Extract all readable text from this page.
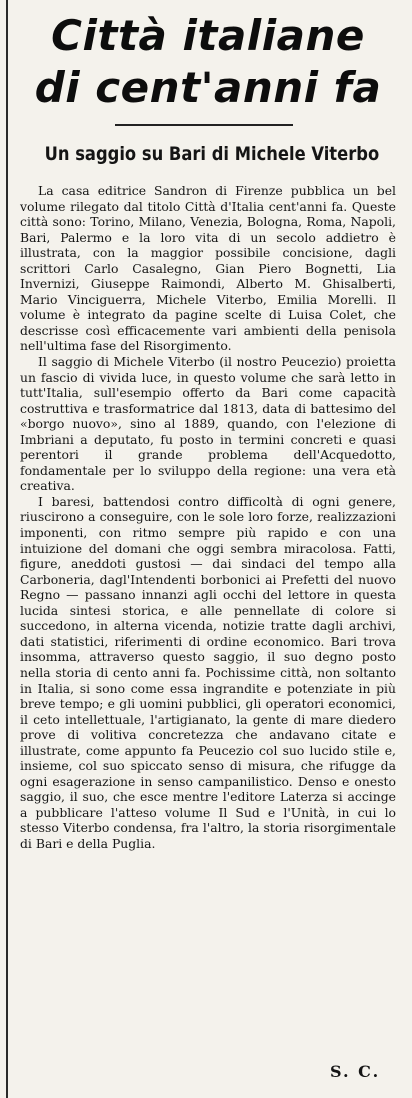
Città italiane
di cent'anni fa
Un saggio su Bari di Michele Viterbo

La casa editrice Sandron di Firenze pubblica un bel volume rilegato dal titolo Città d'Italia cent'anni fa. Queste città sono: Torino, Milano, Venezia, Bologna, Roma, Napoli, Bari, Palermo e la loro vita di un secolo addietro è illustrata, con la maggior possibile concisione, dagli scrittori Carlo Casalegno, Gian Piero Bognetti, Lia Invernizi, Giuseppe Raimondi, Alberto M. Ghisalberti, Mario Vinciguerra, Michele Viterbo, Emilia Morelli. Il volume è integrato da pagine scelte di Luisa Colet, che descrisse così efficacemente vari ambienti della penisola nell'ultima fase del Risorgimento.

Il saggio di Michele Viterbo (il nostro Peucezio) proietta un fascio di vivida luce, in questo volume che sarà letto in tutt'Italia, sull'esempio offerto da Bari come capacità costruttiva e trasformatrice dal 1813, data di battesimo del «borgo nuovo», sino al 1889, quando, con l'elezione di Imbriani a deputato, fu posto in termini concreti e quasi perentori il grande problema dell'Acquedotto, fondamentale per lo sviluppo della regione: una vera età creativa.

I baresi, battendosi contro difficoltà di ogni genere, riuscirono a conseguire, con le sole loro forze, realizzazioni imponenti, con ritmo sempre più rapido e con una intuizione del domani che oggi sembra miracolosa. Fatti, figure, aneddoti gustosi — dai sindaci del tempo alla Carboneria, dagl'Intendenti borbonici ai Prefetti del nuovo Regno — passano innanzi agli occhi del lettore in questa lucida sintesi storica, e alle pennellate di colore si succedono, in alterna vicenda, notizie tratte dagli archivi, dati statistici, riferimenti di ordine economico. Bari trova insomma, attraverso questo saggio, il suo degno posto nella storia di cento anni fa. Pochissime città, non soltanto in Italia, si sono come essa ingrandite e potenziate in più breve tempo; e gli uomini pubblici, gli operatori economici, il ceto intellettuale, l'artigianato, la gente di mare diedero prove di volitiva concretezza che andavano citate e illustrate, come appunto fa Peucezio col suo lucido stile e, insieme, col suo spiccato senso di misura, che rifugge da ogni esagerazione in senso campanilistico. Denso e onesto saggio, il suo, che esce mentre l'editore Laterza si accinge a pubblicare l'atteso volume Il Sud e l'Unità, in cui lo stesso Viterbo condensa, fra l'altro, la storia risorgimentale di Bari e della Puglia.

S. C.
